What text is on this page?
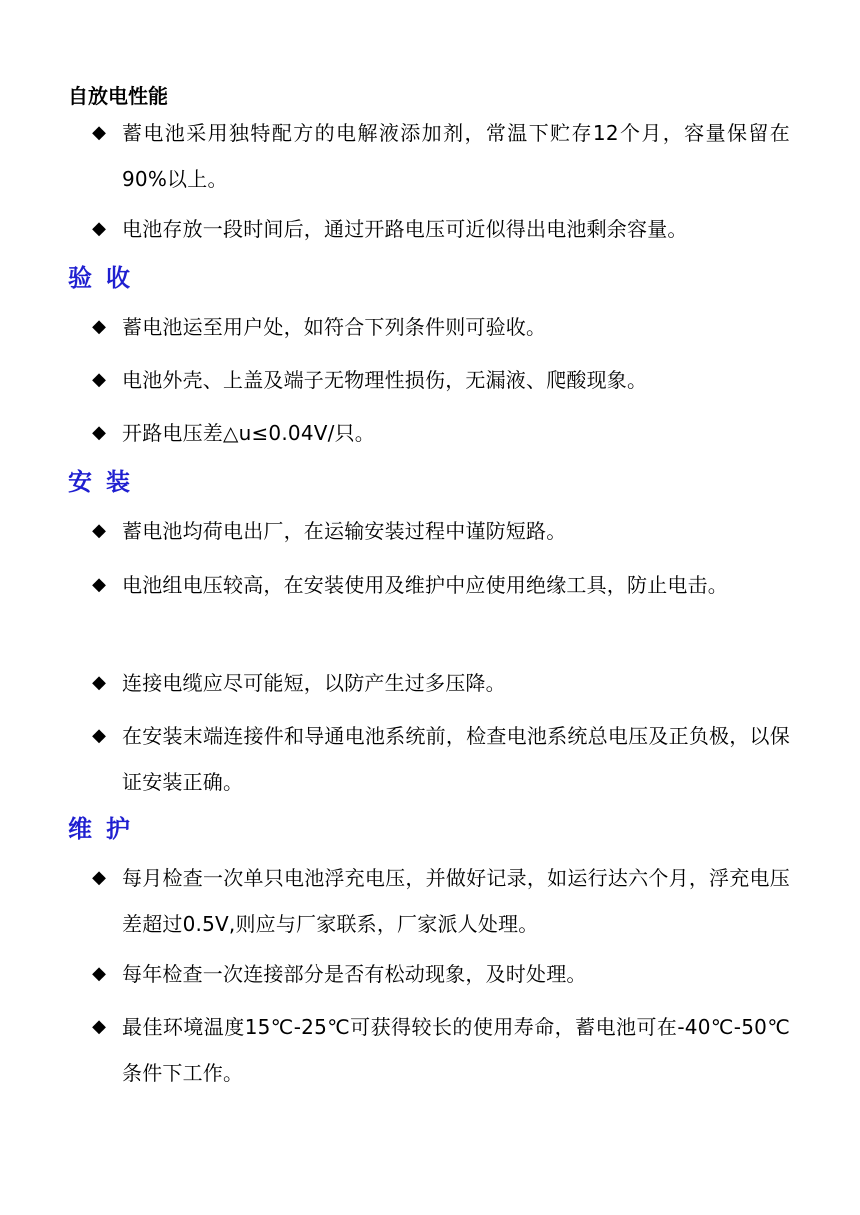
自放电性能
◆ 蓄电池采用独特配方的电解液添加剂，常温下贮存12个月，容量保留在90%以上。

◆ 电池存放一段时间后，通过开路电压可近似得出电池剩余容量。

验收
◆ 蓄电池运至用户处，如符合下列条件则可验收。

◆ 电池外壳、上盖及端子无物理性损伤，无漏液、爬酸现象。

◆ 开路电压差△u≤0.04V/只。

安装
◆ 蓄电池均荷电出厂，在运输安装过程中谨防短路。

◆ 电池组电压较高，在安装使用及维护中应使用绝缘工具，防止电击。

◆ 连接电缆应尽可能短，以防产生过多压降。

◆ 在安装末端连接件和导通电池系统前，检查电池系统总电压及正负极，以保证安装正确。

维护
◆ 每月检查一次单只电池浮充电压，并做好记录，如运行达六个月，浮充电压差超过0.5V,则应与厂家联系，厂家派人处理。

◆ 每年检查一次连接部分是否有松动现象，及时处理。

◆ 最佳环境温度15℃-25℃可获得较长的使用寿命，蓄电池可在-40℃-50℃条件下工作。
